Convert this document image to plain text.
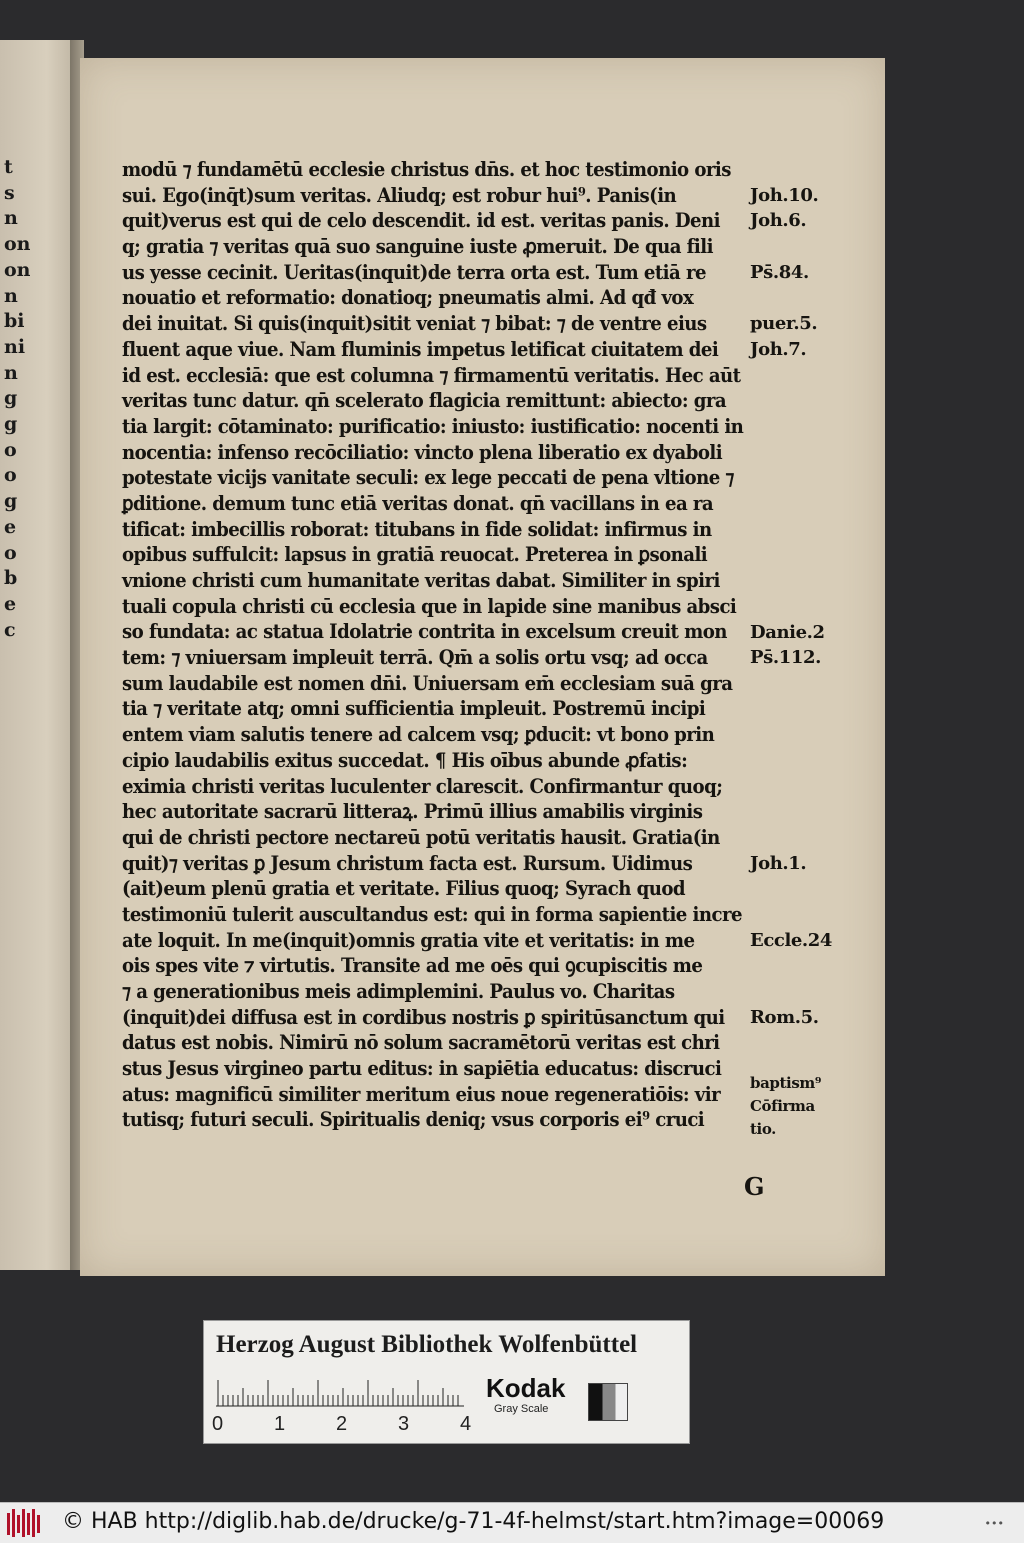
t
s
n
on
on
n
bi
ni
n
g
g
o
o
g
e
o
b
e
c
modū ⁊ fundamētū ecclesie christus dn̄s. et hoc testimonio oris
sui. Ego(inq̄t)sum veritas. Aliudq; est robur hui⁹. Panis(in
quit)verus est qui de celo descendit. id est. veritas panis. Deni
q; gratia ⁊ veritas quā suo sanguine iuste ꝓmeruit. De qua fili
us yesse cecinit. Ueritas(inquit)de terra orta est. Tum etiā re
nouatio et reformatio: donatioq; pneumatis almi. Ad qđ vox
dei inuitat. Si quis(inquit)sitit veniat ⁊ bibat: ⁊ de ventre eius
fluent aque viue. Nam fluminis impetus letificat ciuitatem dei
id est. ecclesiā: que est columna ⁊ firmamentū veritatis. Hec aūt
veritas tunc datur. qn̄ scelerato flagicia remittunt: abiecto: gra
tia largit: cōtaminato: purificatio: iniusto: iustificatio: nocenti in
nocentia: infenso recōciliatio: vincto plena liberatio ex dyaboli
potestate vicijs vanitate seculi: ex lege peccati de pena vltione ⁊
ꝑditione. demum tunc etiā veritas donat. qn̄ vacillans in ea ra
tificat: imbecillis roborat: titubans in fide solidat: infirmus in
opibus suffulcit: lapsus in gratiā reuocat. Preterea in ꝑsonali
vnione christi cum humanitate veritas dabat. Similiter in spiri
tuali copula christi cū ecclesia que in lapide sine manibus absci
so fundata: ac statua Idolatrie contrita in excelsum creuit mon
tem: ⁊ vniuersam impleuit terrā. Qm̄ a solis ortu vsq; ad occa
sum laudabile est nomen dn̄i. Uniuersam em̄ ecclesiam suā gra
tia ⁊ veritate atq; omni sufficientia impleuit. Postremū incipi
entem viam salutis tenere ad calcem vsq; ꝑducit: vt bono prin
cipio laudabilis exitus succedat. ¶ His oībus abunde ꝓfatis:
eximia christi veritas luculenter clarescit. Confirmantur quoq;
hec autoritate sacrarū litteraꝝ. Primū illius amabilis virginis
qui de christi pectore nectareū potū veritatis hausit. Gratia(in
quit)⁊ veritas ꝑ Jesum christum facta est. Rursum. Uidimus
(ait)eum plenū gratia et veritate. Filius quoq; Syrach quod
testimoniū tulerit auscultandus est: qui in forma sapientie incre
ate loquit. In me(inquit)omnis gratia vite et veritatis: in me
ois spes vite ⁊ virtutis. Transite ad me oēs qui ꝯcupiscitis me
⁊ a generationibus meis adimplemini. Paulus vo. Charitas
(inquit)dei diffusa est in cordibus nostris ꝑ spiritūsanctum qui
datus est nobis. Nimirū nō solum sacramētorū veritas est chri
stus Jesus virgineo partu editus: in sapiētia educatus: discruci
atus: magnificū similiter meritum eius noue regeneratiōis: vir
tutisq; futuri seculi. Spiritualis deniq; vsus corporis ei⁹ cruci
G
Joh.10.
Joh.6.
Ps̄.84.
puer.5.
Joh.7.
Danie.2
Ps̄.112.
Joh.1.
Eccle.24
Rom.5.
baptism⁹
Cōfirma
tio.
Herzog August Bibliothek Wolfenbüttel
0	1	2	3	4
Kodak
Gray Scale
© HAB http://diglib.hab.de/drucke/g-71-4f-helmst/start.htm?image=00069	•••
